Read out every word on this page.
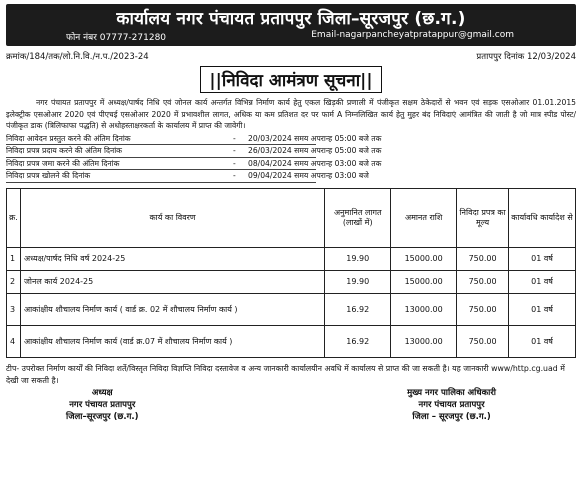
कार्यालय नगर पंचायत प्रतापपुर जिला–सूरजपुर (छ.ग.)
फोन नंबर 07777-271280	Email-nagarpancheyatpratappur@gmail.com
क्रमांक/184/तक/लो.नि.वि./न.प./2023-24	प्रतापपुर दिनांक 12/03/2024
||निविदा आमंत्रण सूचना||
नगर पंचायत प्रतापपुर में अध्यक्ष/पार्षद निधि एवं जोनल कार्य अन्तर्गत विभिन्न निर्माण कार्य हेतु एकल खिड़की प्रणाली में पंजीकृत सक्षम ठेकेदारों से भवन एवं सड़क एसओआर 01.01.2015 इलेक्ट्रीक एसओआर 2020 एवं पीएचई एसओआर 2020 में प्रभावशील लागत, अधिक या कम प्रतिशत दर पर फार्म A निम्नलिखित कार्य हेतु मुहर बंद निविदाएं आमंत्रित की जाती है जो मात्र स्पीड पोस्ट/पंजीकृत डाक (त्रिलिफाफा पद्धति) से अधोहस्ताक्षरकर्ता के कार्यालय में प्राप्त की जावेगी।
निविदा आवेदन प्रस्तुत करने की अंतिम दिनांक	- 20/03/2024 समय अपरान्ह 05:00 बजे तक
निविदा प्रपत्र प्रदाय करने की अंतिम दिनांक	- 26/03/2024 समय अपरान्ह 05:00 बजे तक
निविदा प्रपत्र जमा करने की अंतिम दिनांक	- 08/04/2024 समय अपरान्ह 03:00 बजे तक
निविदा प्रपत्र खोलने की दिनांक	- 09/04/2024 समय अपरान्ह 03:00 बजे
क्र.	कार्य का विवरण	अनुमानित लागत (लाखों में)	अमानत राशि	निविदा प्रपत्र का मूल्य	कार्यावधि कार्यादेश से
1	अध्यक्ष/पार्षद निधि वर्ष 2024-25	19.90	15000.00	750.00	01 वर्ष
2	जोनल कार्य 2024-25	19.90	15000.00	750.00	01 वर्ष
3	आकांक्षीय शौचालय निर्माण कार्य ( वार्ड क्र. 02 में शौचालय निर्माण कार्य )	16.92	13000.00	750.00	01 वर्ष
4	आकांक्षीय शौचालय निर्माण कार्य (वार्ड क्र.07 में शौचालय निर्माण कार्य )	16.92	13000.00	750.00	01 वर्ष
टीप- उपरोक्त निर्माण कार्यों की निविदा शर्ते/विस्तृत निविदा विज्ञप्ति निविदा दस्तावेज व अन्य जानकारी कार्यालयीन अवधि में कार्यालय से प्राप्त की जा सकती है। यह जानकारी www/http.cg.uad में देखी जा सकती है।
अध्यक्ष
नगर पंचायत प्रतापपुर
जिला–सूरजपुर (छ.ग.)
मुख्य नगर पालिका अधिकारी
नगर पंचायत प्रतापपुर
जिला – सूरजपुर (छ.ग.)
